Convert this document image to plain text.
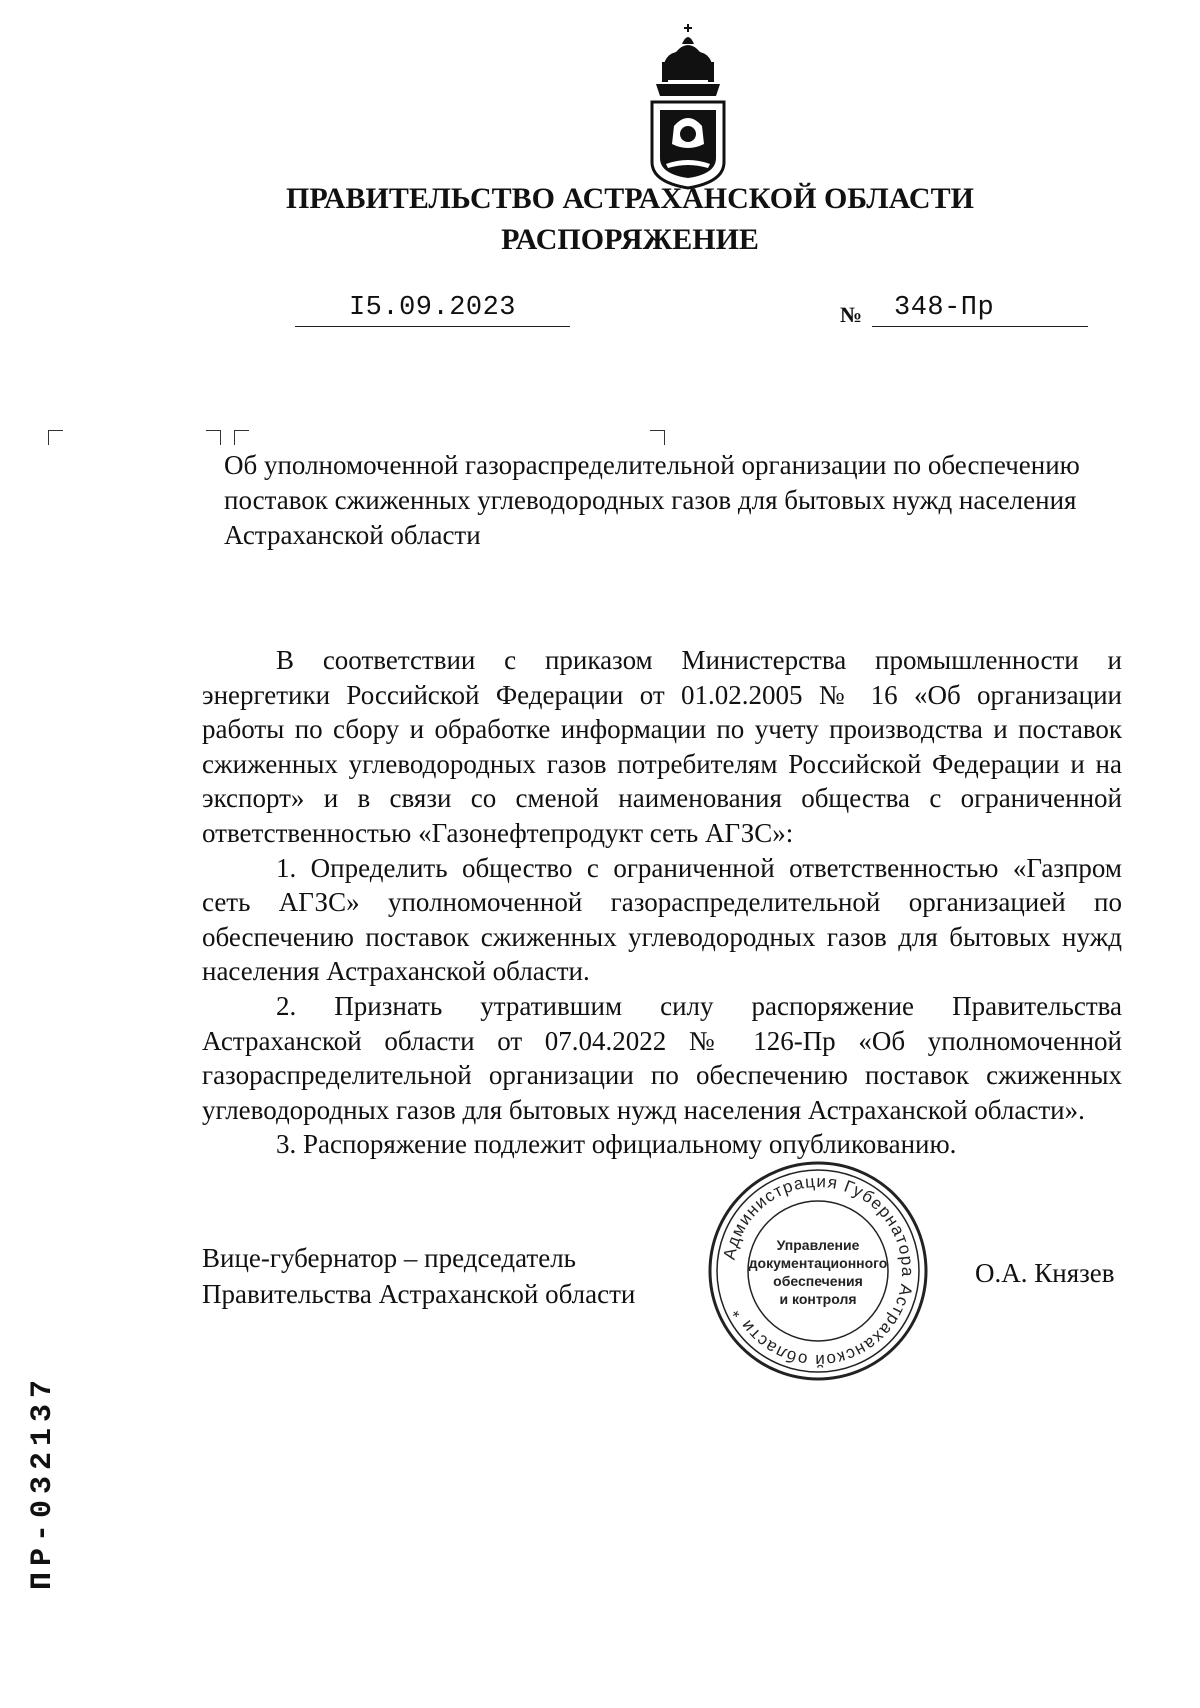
ПРАВИТЕЛЬСТВО АСТРАХАНСКОЙ ОБЛАСТИ
РАСПОРЯЖЕНИЕ
I5.09.2023	№	348-Пр
Об уполномоченной газораспределительной организации по обеспечению поставок сжиженных углеводородных газов для бытовых нужд населения Астраханской области

В соответствии с приказом Министерства промышленности и энергетики Российской Федерации от 01.02.2005 № 16 «Об организации работы по сбору и обработке информации по учету производства и поставок сжиженных углеводородных газов потребителям Российской Федерации и на экспорт» и в связи со сменой наименования общества с ограниченной ответственностью «Газонефтепродукт сеть АГЗС»:

1. Определить общество с ограниченной ответственностью «Газпром сеть АГЗС» уполномоченной газораспределительной организацией по обеспечению поставок сжиженных углеводородных газов для бытовых нужд населения Астраханской области.

2. Признать утратившим силу распоряжение Правительства Астраханской области от 07.04.2022 № 126-Пр «Об уполномоченной газораспределительной организации по обеспечению поставок сжиженных углеводородных газов для бытовых нужд населения Астраханской области».

3. Распоряжение подлежит официальному опубликованию.

Вице-губернатор – председатель
Правительства Астраханской области
Администрация Губернатора Астраханской области *
Управление
документационного
обеспечения
и контроля
О.А. Князев
ПР-032137
